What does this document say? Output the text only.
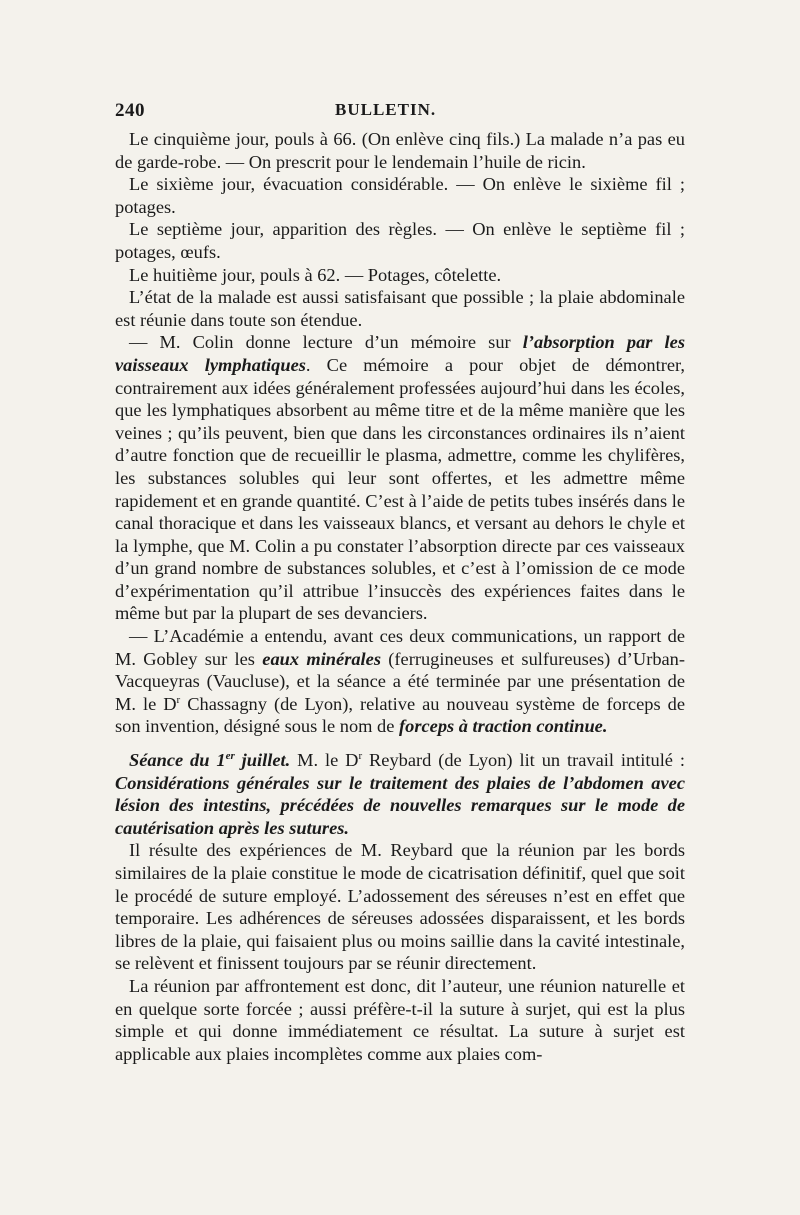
240	BULLETIN.

Le cinquième jour, pouls à 66. (On enlève cinq fils.) La malade n’a pas eu de garde-robe. — On prescrit pour le lendemain l’huile de ricin.

Le sixième jour, évacuation considérable. — On enlève le sixième fil ; potages.

Le septième jour, apparition des règles. — On enlève le septième fil ; potages, œufs.

Le huitième jour, pouls à 62. — Potages, côtelette.

L’état de la malade est aussi satisfaisant que possible ; la plaie abdominale est réunie dans toute son étendue.

— M. Colin donne lecture d’un mémoire sur l’absorption par les vaisseaux lymphatiques. Ce mémoire a pour objet de démontrer, contrairement aux idées généralement professées aujourd’hui dans les écoles, que les lymphatiques absorbent au même titre et de la même manière que les veines ; qu’ils peuvent, bien que dans les circonstances ordinaires ils n’aient d’autre fonction que de recueillir le plasma, admettre, comme les chylifères, les substances solubles qui leur sont offertes, et les admettre même rapidement et en grande quantité. C’est à l’aide de petits tubes insérés dans le canal thoracique et dans les vaisseaux blancs, et versant au dehors le chyle et la lymphe, que M. Colin a pu constater l’absorption directe par ces vaisseaux d’un grand nombre de substances solubles, et c’est à l’omission de ce mode d’expérimentation qu’il attribue l’insuccès des expériences faites dans le même but par la plupart de ses devanciers.

— L’Académie a entendu, avant ces deux communications, un rapport de M. Gobley sur les eaux minérales (ferrugineuses et sulfureuses) d’Urban-Vacqueyras (Vaucluse), et la séance a été terminée par une présentation de M. le $D^r$ Chassagny (de Lyon), relative au nouveau système de forceps de son invention, désigné sous le nom de forceps à traction continue.

Séance du 1er juillet. M. le $D^r$ Reybard (de Lyon) lit un travail intitulé : Considérations générales sur le traitement des plaies de l’abdomen avec lésion des intestins, précédées de nouvelles remarques sur le mode de cautérisation après les sutures.

Il résulte des expériences de M. Reybard que la réunion par les bords similaires de la plaie constitue le mode de cicatrisation définitif, quel que soit le procédé de suture employé. L’adossement des séreuses n’est en effet que temporaire. Les adhérences de séreuses adossées disparaissent, et les bords libres de la plaie, qui faisaient plus ou moins saillie dans la cavité intestinale, se relèvent et finissent toujours par se réunir directement.

La réunion par affrontement est donc, dit l’auteur, une réunion naturelle et en quelque sorte forcée ; aussi préfère-t-il la suture à surjet, qui est la plus simple et qui donne immédiatement ce résultat. La suture à surjet est applicable aux plaies incomplètes comme aux plaies com-
